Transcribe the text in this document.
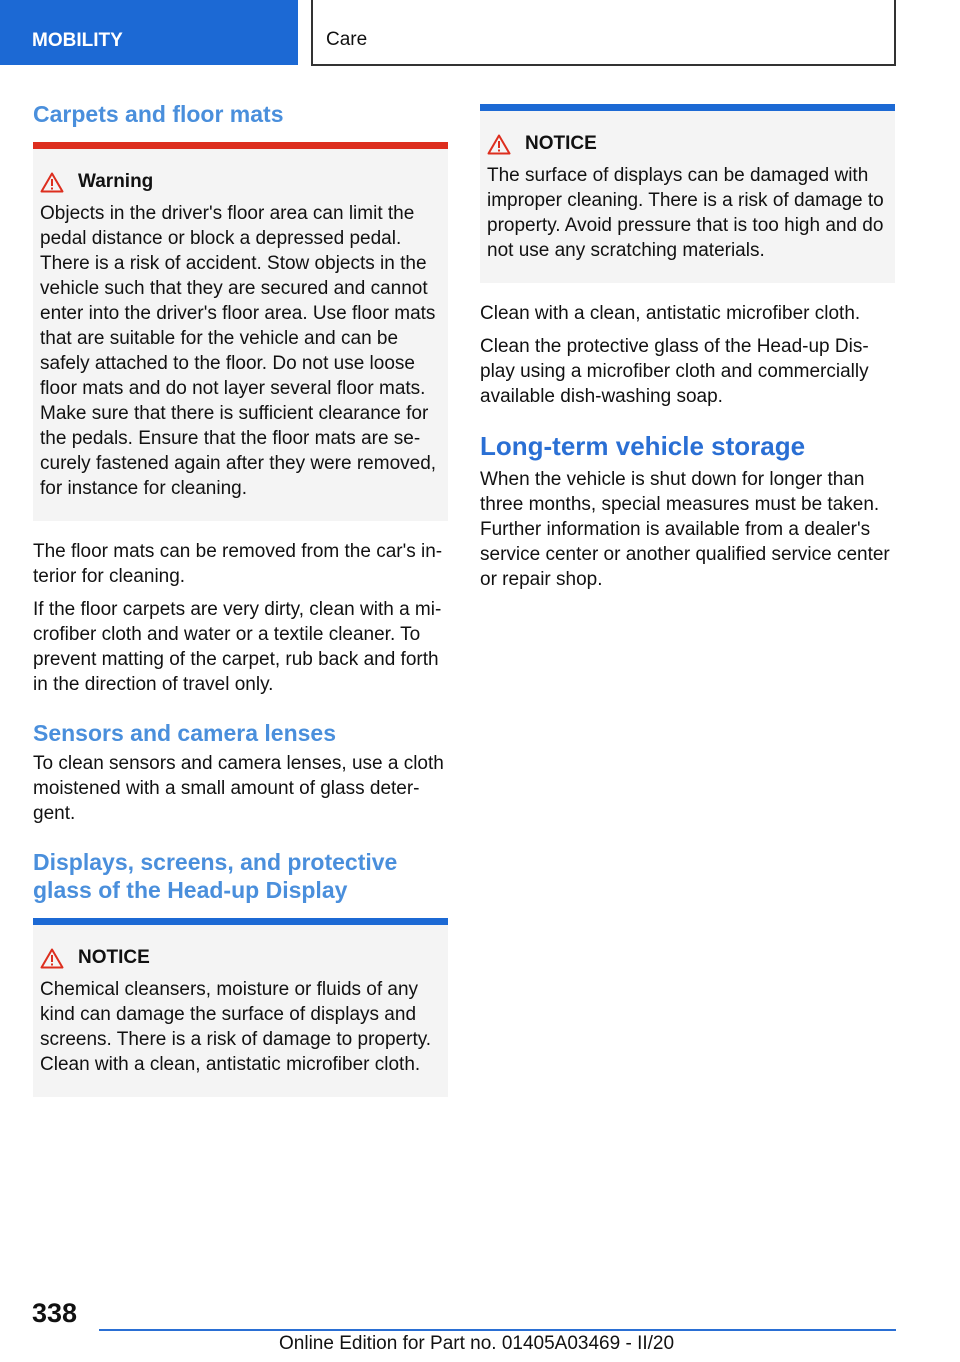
MOBILITY	Care
Carpets and floor mats
Warning

Objects in the driver's floor area can limit the pedal distance or block a depressed pedal. There is a risk of accident. Stow objects in the vehicle such that they are secured and cannot enter into the driver's floor area. Use floor mats that are suitable for the vehicle and can be safely attached to the floor. Do not use loose floor mats and do not layer several floor mats. Make sure that there is sufficient clearance for the pedals. Ensure that the floor mats are se‐curely fastened again after they were removed, for instance for cleaning.

The floor mats can be removed from the car's in‐terior for cleaning.

If the floor carpets are very dirty, clean with a mi‐crofiber cloth and water or a textile cleaner. To prevent matting of the carpet, rub back and forth in the direction of travel only.

Sensors and camera lenses

To clean sensors and camera lenses, use a cloth moistened with a small amount of glass deter‐gent.

Displays, screens, and protective glass of the Head‐up Display
NOTICE

Chemical cleansers, moisture or fluids of any kind can damage the surface of displays and screens. There is a risk of damage to property. Clean with a clean, antistatic microfiber cloth.

NOTICE

The surface of displays can be damaged with improper cleaning. There is a risk of damage to property. Avoid pressure that is too high and do not use any scratching materials.

Clean with a clean, antistatic microfiber cloth.

Clean the protective glass of the Head-up Dis‐play using a microfiber cloth and commercially available dish-washing soap.

Long-term vehicle storage

When the vehicle is shut down for longer than three months, special measures must be taken. Further information is available from a dealer's service center or another qualified service center or repair shop.

338
Online Edition for Part no. 01405A03469 - II/20
